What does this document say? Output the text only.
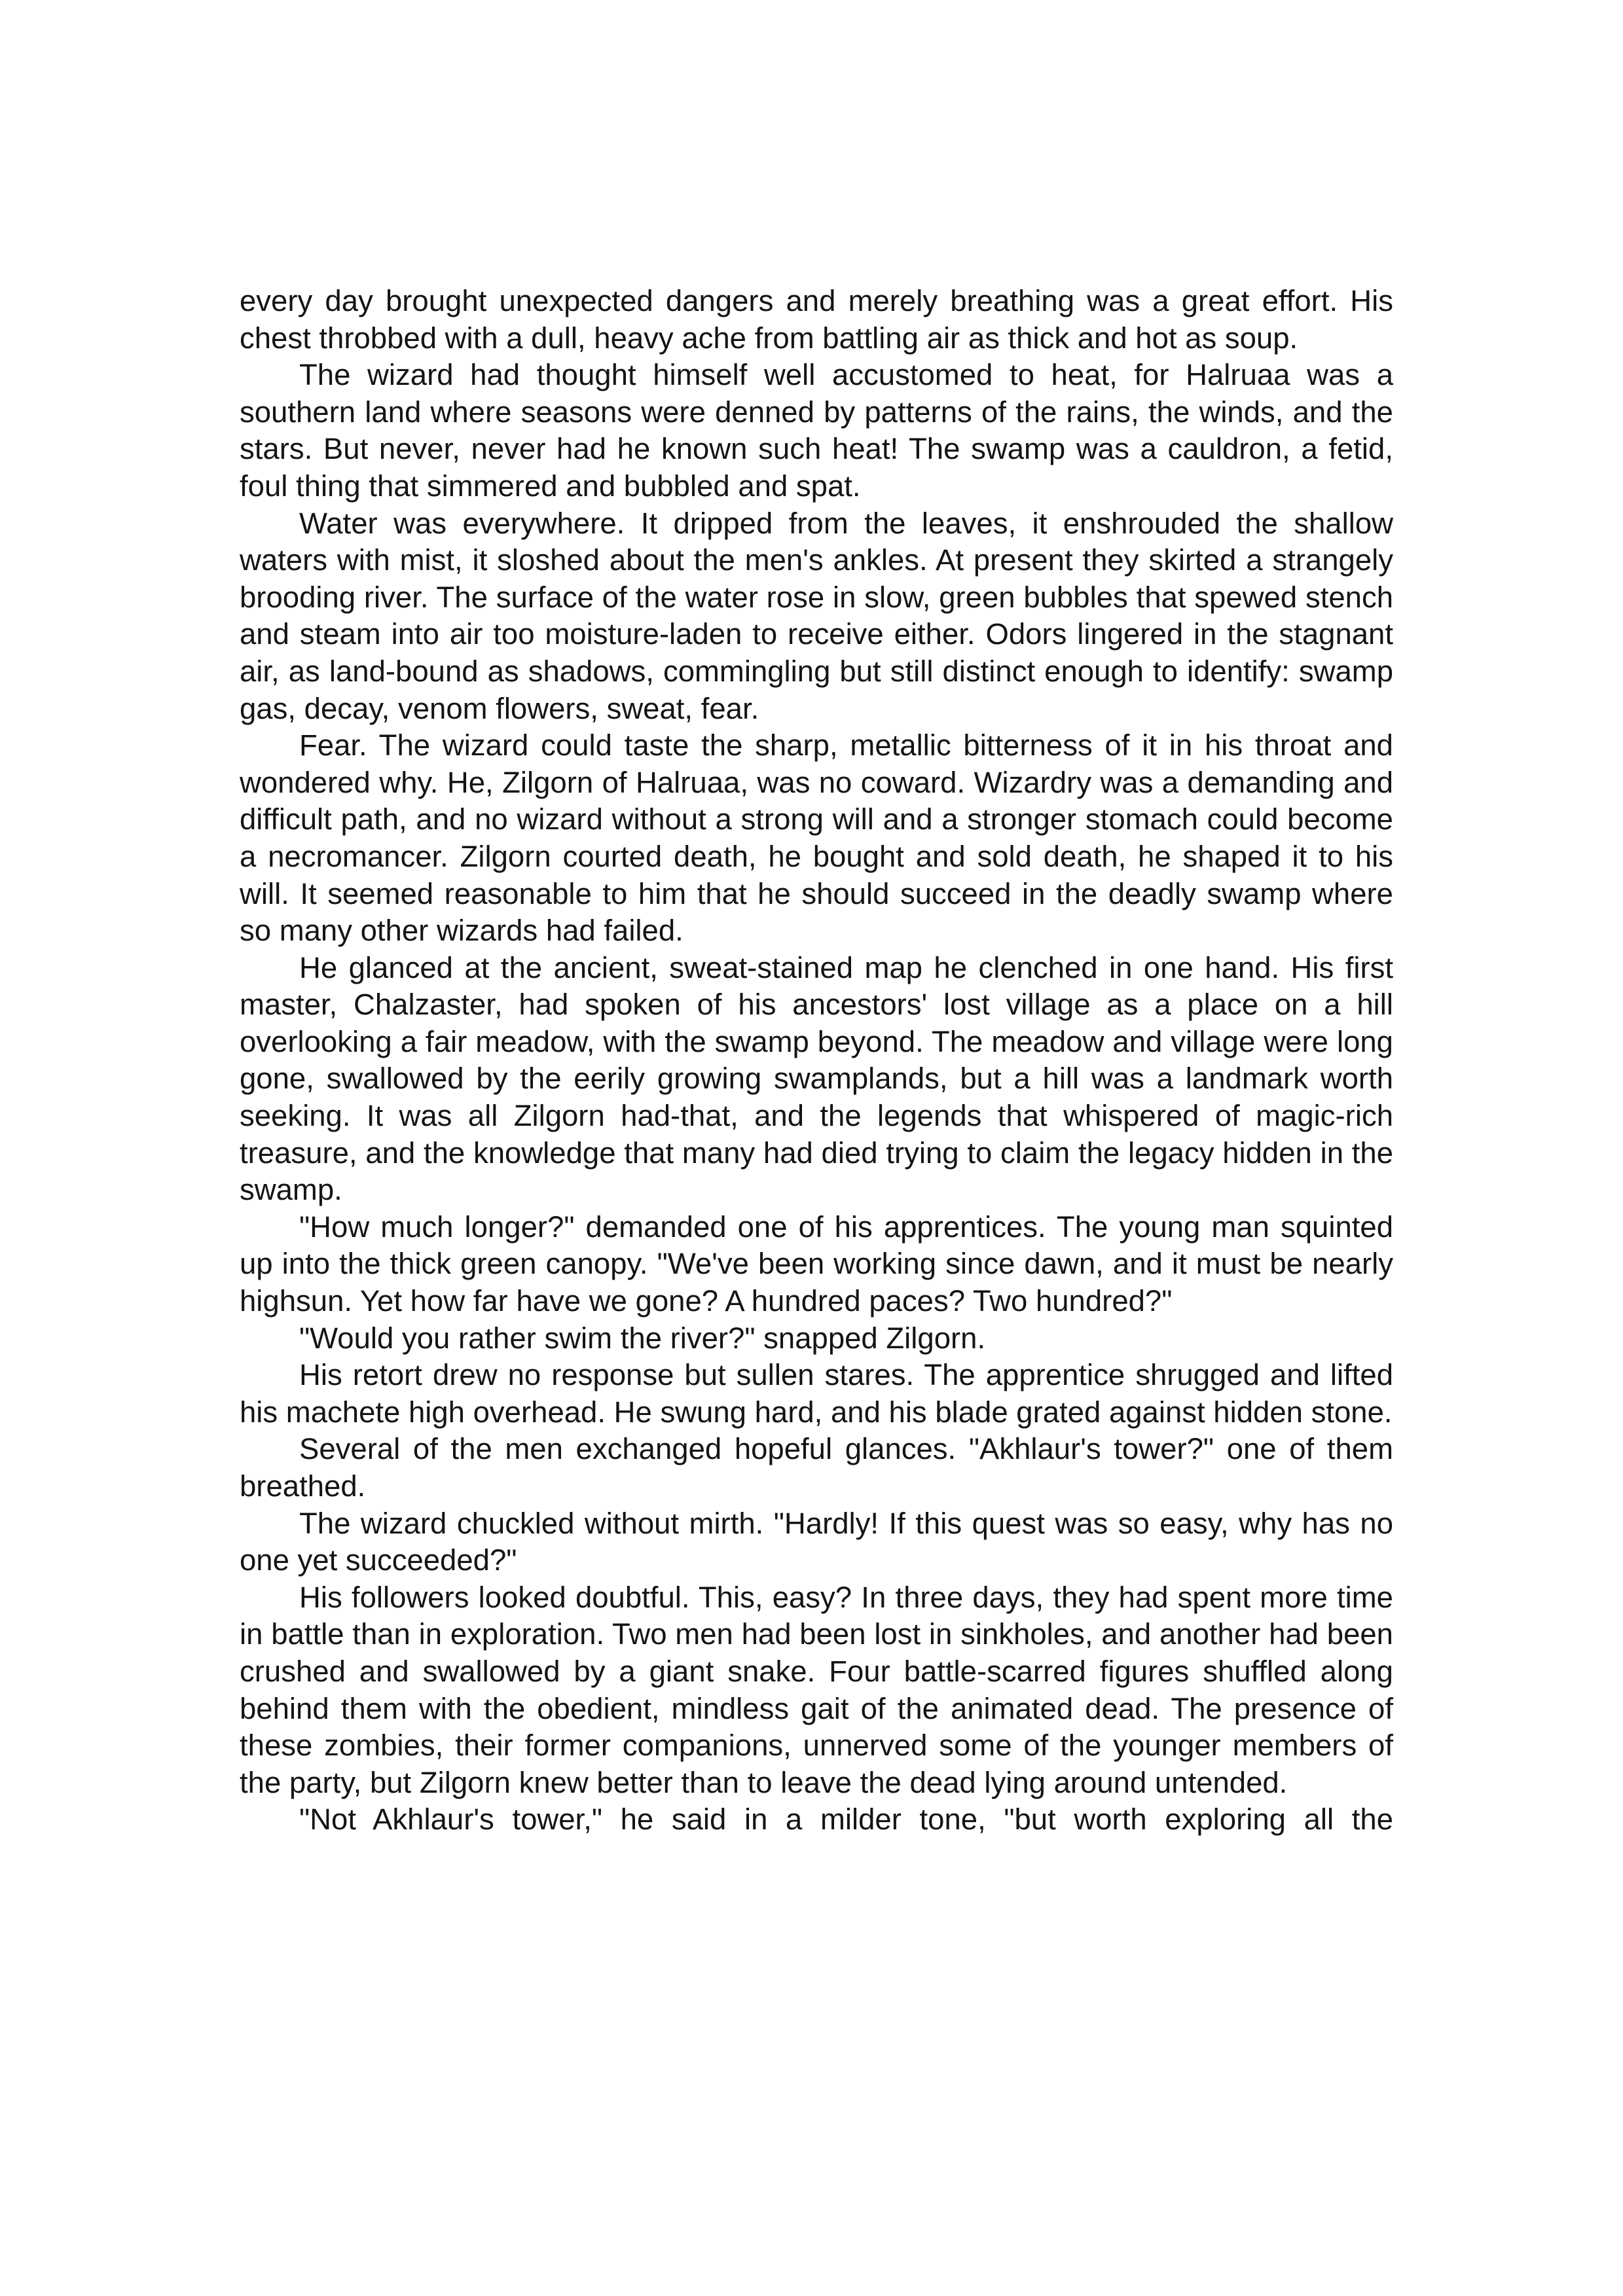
every day brought unexpected dangers and merely breathing was a great effort. His chest throbbed with a dull, heavy ache from battling air as thick and hot as soup.

The wizard had thought himself well accustomed to heat, for Halruaa was a southern land where seasons were denned by patterns of the rains, the winds, and the stars. But never, never had he known such heat! The swamp was a cauldron, a fetid, foul thing that simmered and bubbled and spat.

Water was everywhere. It dripped from the leaves, it enshrouded the shallow waters with mist, it sloshed about the men's ankles. At present they skirted a strangely brooding river. The surface of the water rose in slow, green bubbles that spewed stench and steam into air too moisture-laden to receive either. Odors lingered in the stagnant air, as land-bound as shadows, commingling but still distinct enough to identify: swamp gas, decay, venom flowers, sweat, fear.

Fear. The wizard could taste the sharp, metallic bitterness of it in his throat and wondered why. He, Zilgorn of Halruaa, was no coward. Wizardry was a demanding and difficult path, and no wizard without a strong will and a stronger stomach could become a necromancer. Zilgorn courted death, he bought and sold death, he shaped it to his will. It seemed reasonable to him that he should succeed in the deadly swamp where so many other wizards had failed.

He glanced at the ancient, sweat-stained map he clenched in one hand. His first master, Chalzaster, had spoken of his ancestors' lost village as a place on a hill overlooking a fair meadow, with the swamp beyond. The meadow and village were long gone, swallowed by the eerily growing swamplands, but a hill was a landmark worth seeking. It was all Zilgorn had-that, and the legends that whispered of magic-rich treasure, and the knowledge that many had died trying to claim the legacy hidden in the swamp.

"How much longer?" demanded one of his apprentices. The young man squinted up into the thick green canopy. "We've been working since dawn, and it must be nearly highsun. Yet how far have we gone? A hundred paces? Two hundred?"

"Would you rather swim the river?" snapped Zilgorn.

His retort drew no response but sullen stares. The apprentice shrugged and lifted his machete high overhead. He swung hard, and his blade grated against hidden stone.

Several of the men exchanged hopeful glances. "Akhlaur's tower?" one of them breathed.

The wizard chuckled without mirth. "Hardly! If this quest was so easy, why has no one yet succeeded?"

His followers looked doubtful. This, easy? In three days, they had spent more time in battle than in exploration. Two men had been lost in sinkholes, and another had been crushed and swallowed by a giant snake. Four battle-scarred figures shuffled along behind them with the obedient, mindless gait of the animated dead. The presence of these zombies, their former companions, unnerved some of the younger members of the party, but Zilgorn knew better than to leave the dead lying around untended.

"Not Akhlaur's tower," he said in a milder tone, "but worth exploring all the
